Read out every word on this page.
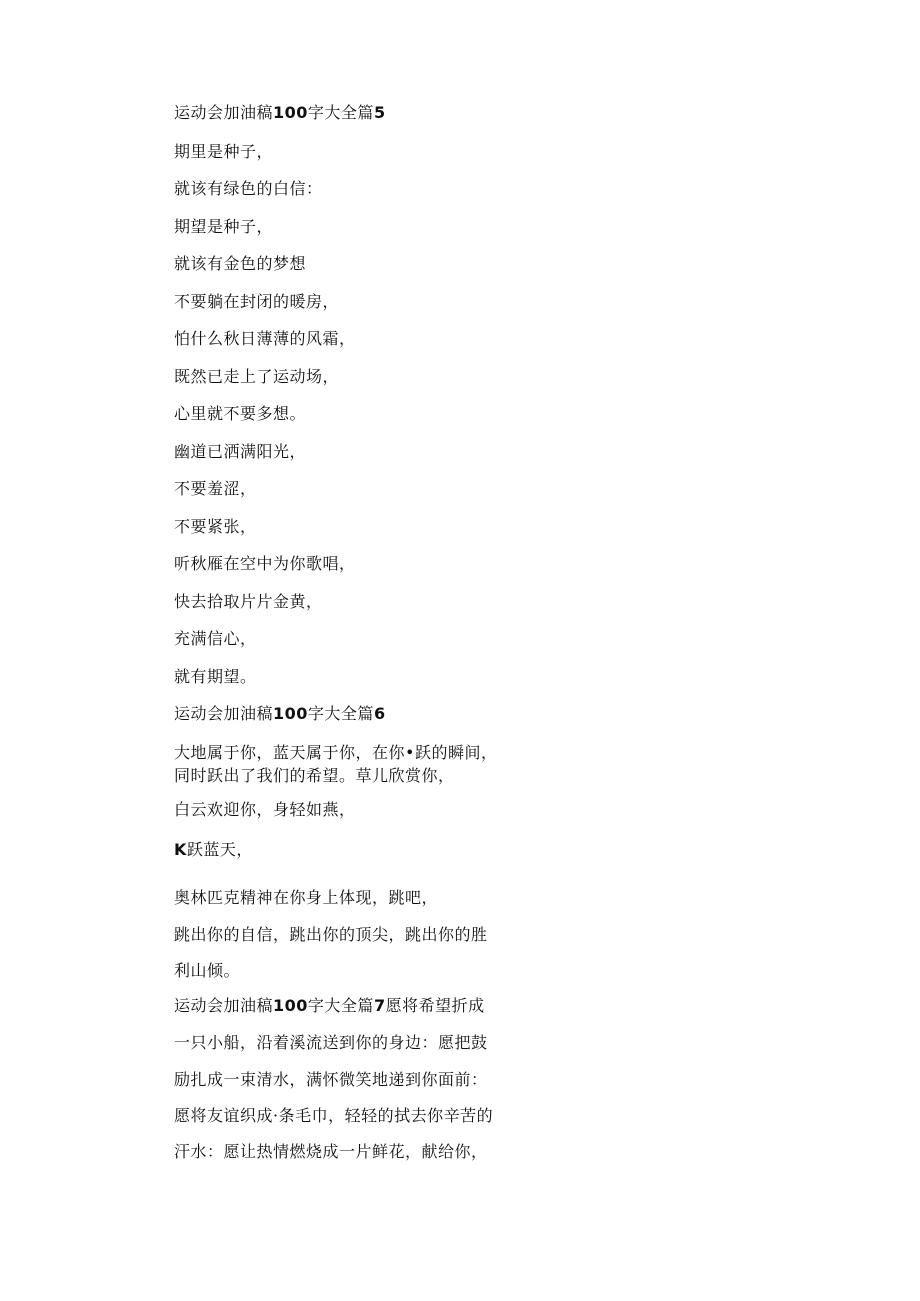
运动会加油稿100字大全篇5
期里是种子，
就该有绿色的白信：
期望是种子，
就该有金色的梦想
不要躺在封闭的暖房，
怕什么秋日薄薄的风霜，
既然已走上了运动场，
心里就不要多想。
幽道已洒满阳光，
不要羞涩，
不要紧张，
听秋雁在空中为你歌唱，
快去拾取片片金黄，
充满信心，
就有期望。
运动会加油稿100字大全篇6
大地属于你，蓝天属于你，在你•跃的瞬间，
同时跃出了我们的希望。草儿欣赏你，
白云欢迎你，身轻如燕，
K跃蓝天，
奥林匹克精神在你身上体现，跳吧，
跳出你的自信，跳出你的顶尖，跳出你的胜
利山倾。
运动会加油稿100字大全篇7愿将希望折成
一只小船，沿着溪流送到你的身边：愿把鼓
励扎成一束清水，满怀微笑地递到你面前：
愿将友谊织成·条毛巾，轻轻的拭去你辛苦的
汗水：愿让热情燃烧成一片鲜花，献给你，
